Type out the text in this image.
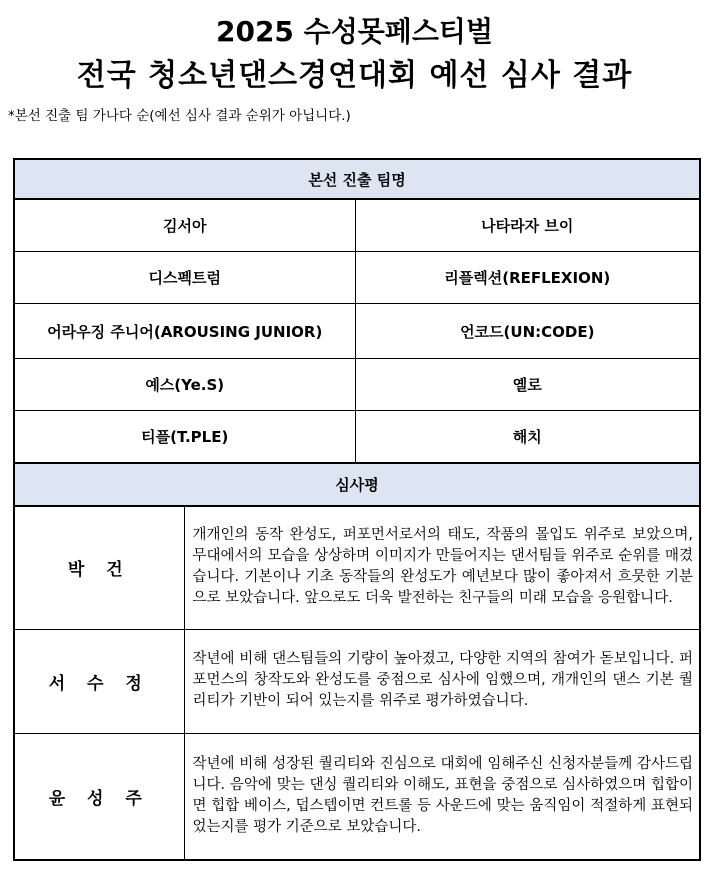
2025 수성못페스티벌
전국 청소년댄스경연대회 예선 심사 결과
*본선 진출 팀 가나다 순(예선 심사 결과 순위가 아닙니다.)
본선 진출 팀명		
김서아		나타라자 브이
디스펙트럼		리플렉션(REFLEXION)
어라우징 주니어(AROUSING JUNIOR)		언코드(UN:CODE)
예스(Ye.S)		옐로
티플(T.PLE)		해치
심사평		
박 건	개개인의 동작 완성도, 퍼포먼서로서의 태도, 작품의 몰입도 위주로 보았으며, 무대에서의 모습을 상상하며 이미지가 만들어지는 댄서팀들 위주로 순위를 매겼습니다. 기본이나 기초 동작들의 완성도가 예년보다 많이 좋아져서 흐뭇한 기분으로 보았습니다. 앞으로도 더욱 발전하는 친구들의 미래 모습을 응원합니다.	
서 수 정	작년에 비해 댄스팀들의 기량이 높아졌고, 다양한 지역의 참여가 돋보입니다. 퍼포먼스의 창작도와 완성도를 중점으로 심사에 임했으며, 개개인의 댄스 기본 퀄리티가 기반이 되어 있는지를 위주로 평가하였습니다.	
윤 성 주	작년에 비해 성장된 퀄리티와 진심으로 대회에 임해주신 신청자분들께 감사드립니다. 음악에 맞는 댄싱 퀄리티와 이해도, 표현을 중점으로 심사하였으며 힙합이면 힙합 베이스, 덥스텝이면 컨트롤 등 사운드에 맞는 움직임이 적절하게 표현되었는지를 평가 기준으로 보았습니다.	
